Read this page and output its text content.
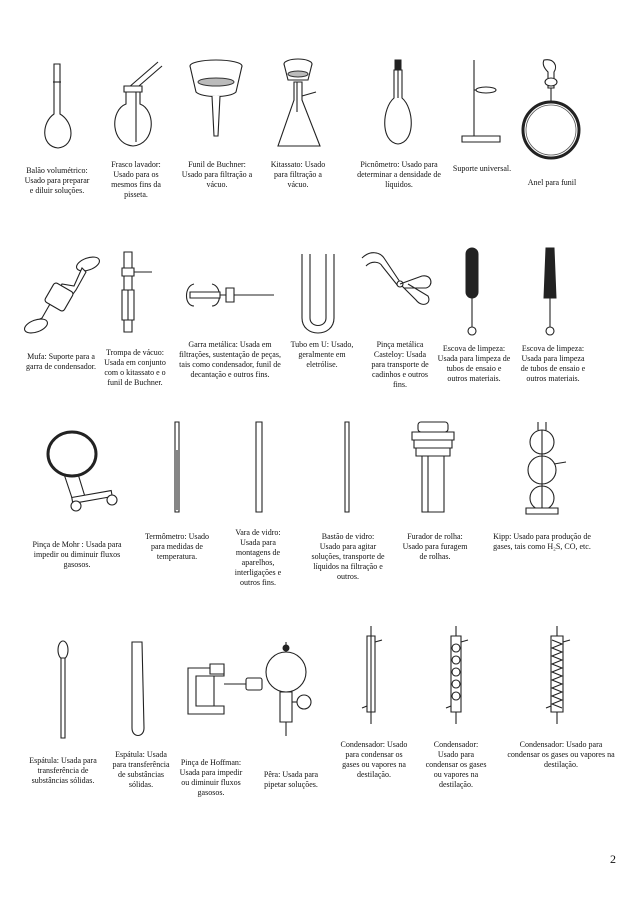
Balão volumétrico:
Usado para preparar
e diluir soluções.
Frasco lavador:
Usado para os
mesmos fins da
pisseta.
Funil de Buchner:
Usado para filtração a
vácuo.
Kitassato: Usado
para filtração a
vácuo.
Picnômetro: Usado para
determinar a densidade de
líquidos.
Suporte universal.
Anel para funil
Mufa: Suporte para a
garra de condensador.
Trompa de vácuo:
Usada em conjunto
com o kitassato e o
funil de Buchner.
Garra metálica: Usada em
filtrações, sustentação de peças,
tais como condensador, funil de
decantação e outros fins.
Tubo em U: Usado,
geralmente em
eletrólise.
Pinça metálica
Casteloy: Usada
para transporte de
cadinhos e outros
fins.
Escova de limpeza:
Usada para limpeza de
tubos de ensaio e
outros materiais.
Escova de limpeza:
Usada para limpeza
de tubos de ensaio e
outros materiais.
Pinça de Mohr : Usada para
impedir ou diminuir fluxos
gasosos.
Termômetro: Usado
para medidas de
temperatura.
Vara de vidro:
Usada para
montagens de
aparelhos,
interligações e
outros fins.
Bastão de vidro:
Usado para agitar
soluções, transporte de
líquidos na filtração e
outros.
Furador de rolha:
Usado para furagem
de rolhas.
Kipp: Usado para produção de
gases, tais como H₂S, CO, etc.
Espátula: Usada para
transferência de
substâncias sólidas.
Espátula: Usada
para transferência
de substâncias
sólidas.
Pinça de Hoffman:
Usada para impedir
ou diminuir fluxos
gasosos.
Pêra: Usada para
pipetar soluções.
Condensador: Usado
para condensar os
gases ou vapores na
destilação.
Condensador:
Usado para
condensar os gases
ou vapores na
destilação.
Condensador: Usado para
condensar os gases ou vapores na
destilação.
2
